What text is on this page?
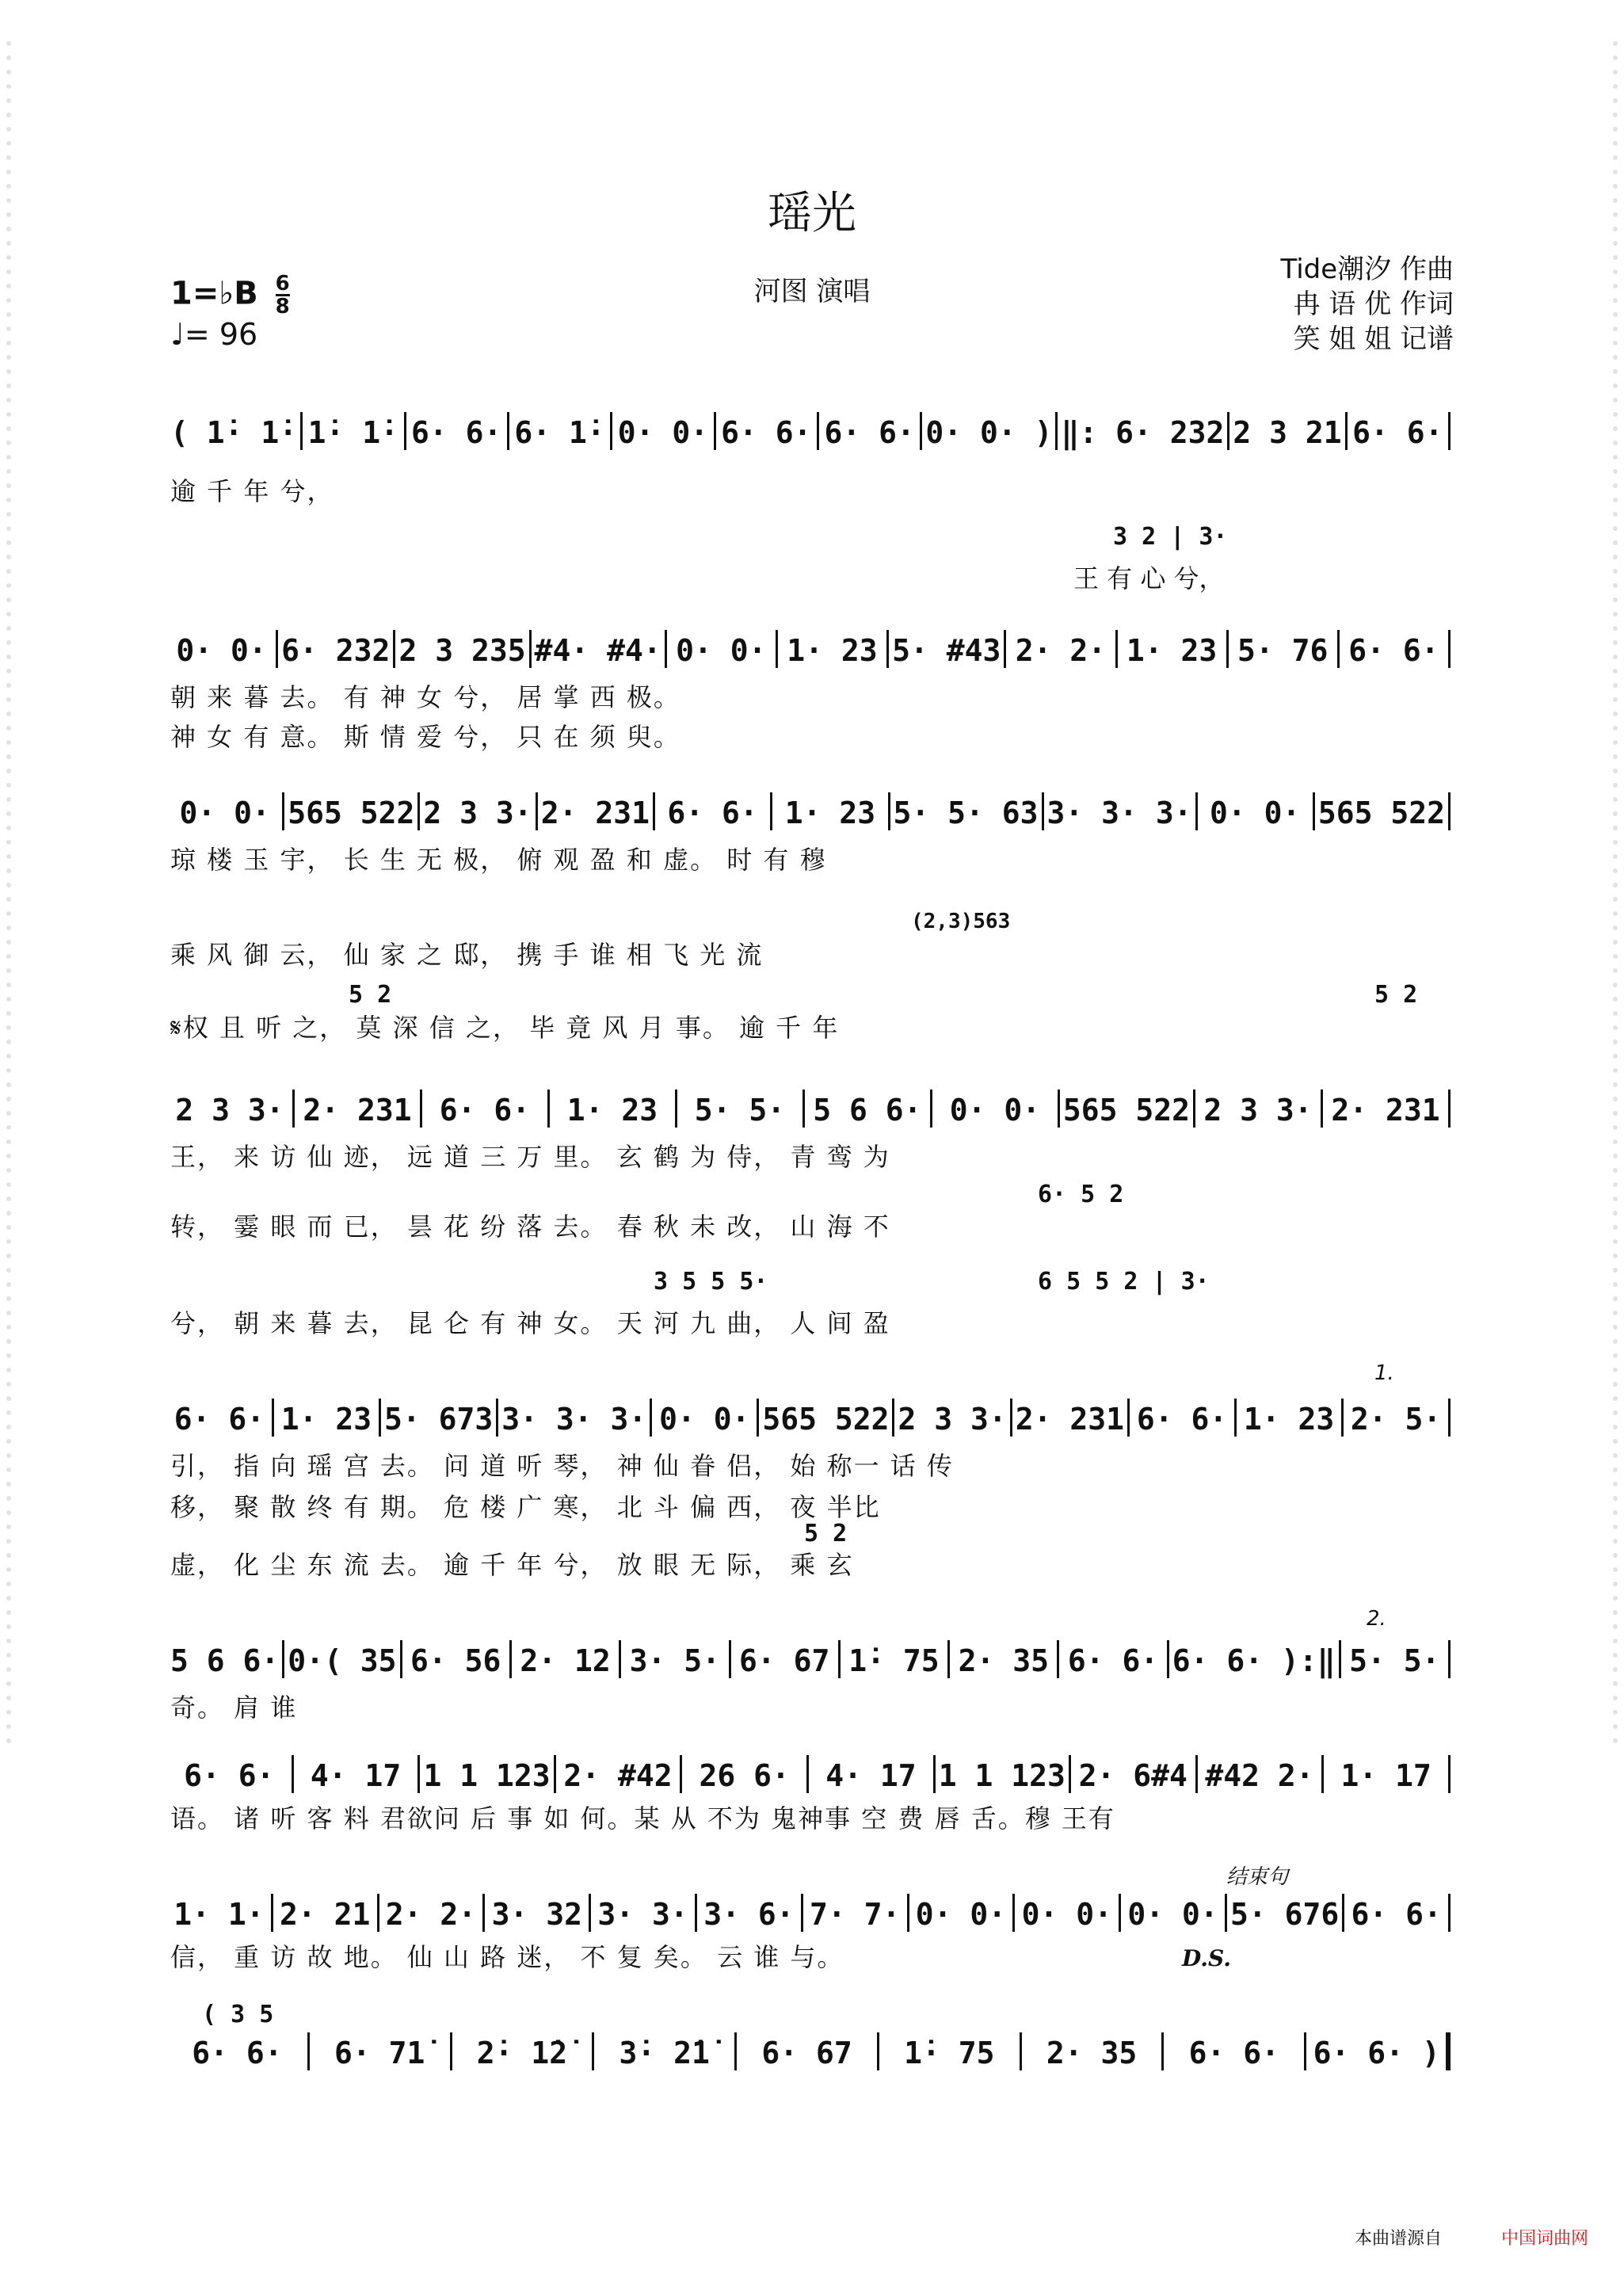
瑶光
河图 演唱
Tide潮汐 作曲
冉 语 优 作词
笑 姐 姐 记谱
1=♭B $\frac{6}{8}$
♩= 96
( 1̇· 1̇· 1̇· 1̇· 6· 6· 6· 1̇· 0· 0· 6· 6· 6· 6· 0· 0· ) ‖: 6· 232 2 3 21 6· 6·
逾 千 年 兮，
0· 0· 6· 232 2 3 235 #4· #4· 0· 0· 1· 23 5· #43 2· 2· 1· 23 5· 76 6· 6·
朝 来 暮 去。 有 神 女 兮， 居 掌 西 极。
神 女 有 意。 斯 情 爱 兮， 只 在 须 臾。
0· 0· 565 522 2 3 3· 2· 231 6· 6· 1· 23 5· 5· 63 3· 3· 3· 0· 0· 565 522
琼 楼 玉 宇， 长 生 无 极， 俯 观 盈 和 虚。 时 有 穆
乘 风 御 云， 仙 家 之 邸， 携 手 谁 相 飞 光 流
𝄋权 且 听 之， 莫 深 信 之， 毕 竟 风 月 事。 逾 千 年
2 3 3· 2· 231 6· 6·	1· 23	5· 5· 5 6 6· 0· 0· 565 522 2 3 3· 2· 231
王， 来 访 仙 迹， 远 道 三 万 里。 玄 鹤 为 侍， 青 鸾 为
转， 霎 眼 而 已， 昙 花 纷 落 去。 春 秋 未 改， 山 海 不
兮， 朝 来 暮 去， 昆 仑 有 神 女。 天 河 九 曲， 人 间 盈
6· 6· 1· 23 5· 673 3· 3· 3· 0· 0· 565 522 2 3 3· 2· 231 6· 6· 1· 23 2· 5·
引， 指 向 瑶 宫 去。 问 道 听 琴， 神 仙 眷 侣， 始 称一 话 传
移， 聚 散 终 有 期。 危 楼 广 寒， 北 斗 偏 西， 夜 半比
虚， 化 尘 东 流 去。 逾 千 年 兮， 放 眼 无 际， 乘 玄
5 6 6· 0·( 35 6· 56 2· 12 3· 5· 6· 67 1̇· 75 2· 35 6· 6· 6· 6· ):‖ 5· 5·
奇。 肩 谁
6· 6·	4· 17 1 1 123 2· #42 26 6·	4· 17 1 1 123 2· 6#4 #42 2· 1· 17
语。 诸 听 客 料 君欲问 后 事 如 何。某 从 不为 鬼神事 空 费 唇 舌。穆 王有
1· 1· 2· 21 2· 2· 3· 32 3· 3· 3· 6· 7· 7· 0· 0· 0· 0· 0· 0· 5· 676 6· 6·
信， 重 访 故 地。 仙 山 路 迷， 不 复 矣。 云 谁 与。
6· 6·	6· 71̇	2̇· 1̇2̇	3̇· 2̇1̇	6· 67	1̇· 75	2· 35	6· 6·	6· 6· )
3 2 | 3·
王 有 心 兮，
(2,3)563
5 2	5 2
6· 5 2
3 5 5 5·	6 5 5 2 | 3·
5 2
1.
2.
结束句
D.S.
( 3 5
本曲谱源自	中国词曲网
